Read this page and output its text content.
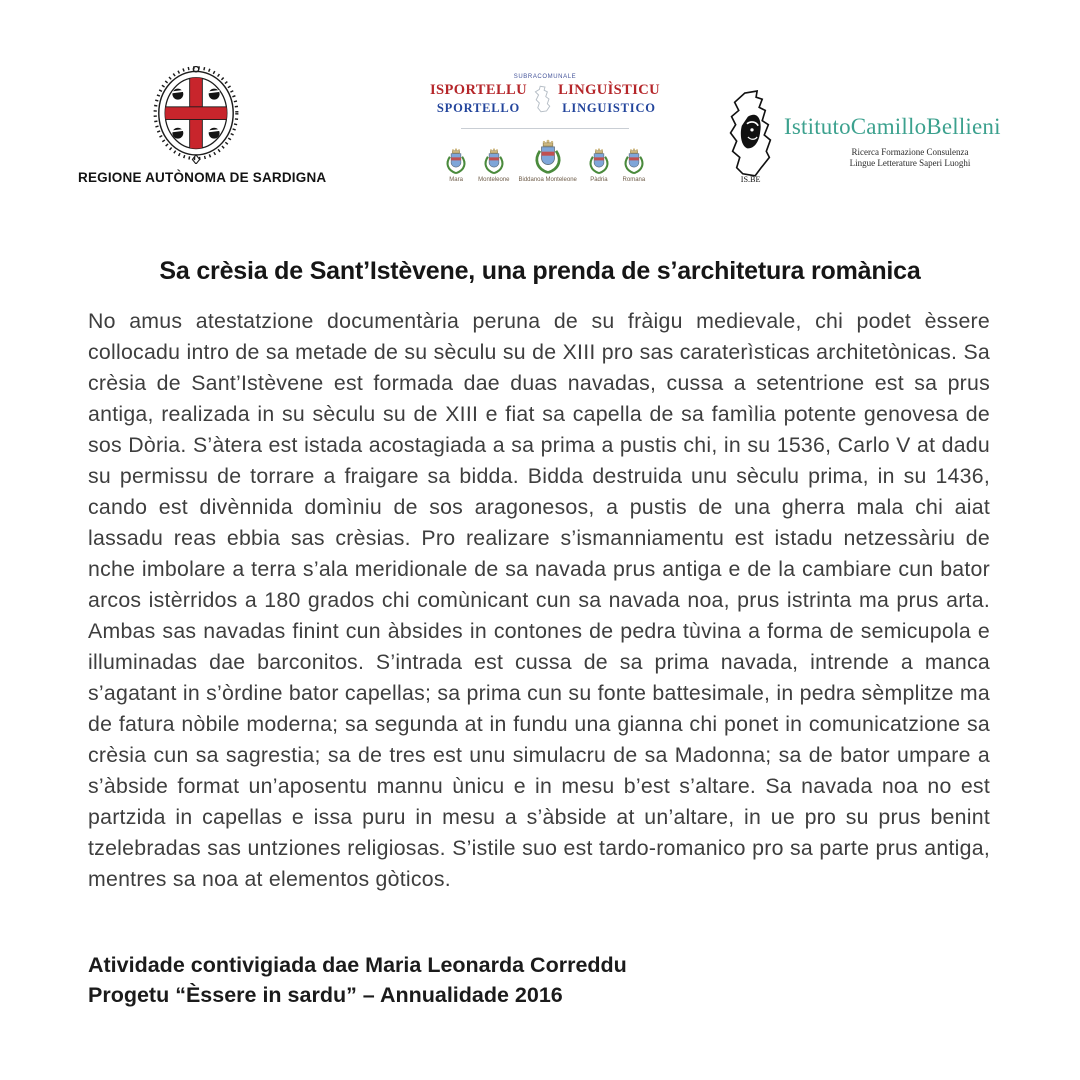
REGIONE AUTÒNOMA DE SARDIGNA
SUBRACOMUNALE
ISPORTELLU
SPORTELLO
LINGUÌSTICU
LINGUISTICO
Mara	Monteleone Biddanoa Monteleone Pàdria Romana	IS.BE
IstitutoCamilloBellieni
Ricerca Formazione Consulenza
Lingue Letterature Saperi Luoghi
Sa crèsia de Sant’Istèvene, una prenda de s’architetura romànica

No amus atestatzione documentària peruna de su fràigu medievale, chi podet èssere collocadu intro de sa metade de su sèculu su de XIII pro sas caraterìsticas architetònicas. Sa crèsia de Sant’Istèvene est formada dae duas navadas, cussa a setentrione est sa prus antiga, realizada in su sèculu su de XIII e fiat sa capella de sa famìlia potente genovesa de sos Dòria. S’àtera est istada acostagiada a sa prima a pustis chi, in su 1536, Carlo V at dadu su permissu de torrare a fraigare sa bidda. Bidda destruida unu sèculu prima, in su 1436, cando est divènnida domìniu de sos aragonesos, a pustis de una gherra mala chi aiat lassadu reas ebbia sas crèsias. Pro realizare s’ismanniamentu est istadu netzessàriu de nche imbolare a terra s’ala meridionale de sa navada prus antiga e de la cambiare cun bator arcos istèrridos a 180 grados chi comùnicant cun sa navada noa, prus istrinta ma prus arta. Ambas sas navadas finint cun àbsides in contones de pedra tùvina a forma de semicupola e illuminadas dae barconitos. S’intrada est cussa de sa prima navada, intrende a manca s’agatant in s’òrdine bator capellas; sa prima cun su fonte battesimale, in pedra sèmplitze ma de fatura nòbile moderna; sa segunda at in fundu una gianna chi ponet in comunicatzione sa crèsia cun sa sagrestia; sa de tres est unu simulacru de sa Madonna; sa de bator umpare a s’àbside format un’aposentu mannu ùnicu e in mesu b’est s’altare. Sa navada noa no est partzida in capellas e issa puru in mesu a s’àbside at un’altare, in ue pro su prus benint tzelebradas sas untziones religiosas. S’istile suo est tardo-romanico pro sa parte prus antiga, mentres sa noa at elementos gòticos.

Atividade contivigiada dae Maria Leonarda Correddu
Progetu “Èssere in sardu” – Annualidade 2016
